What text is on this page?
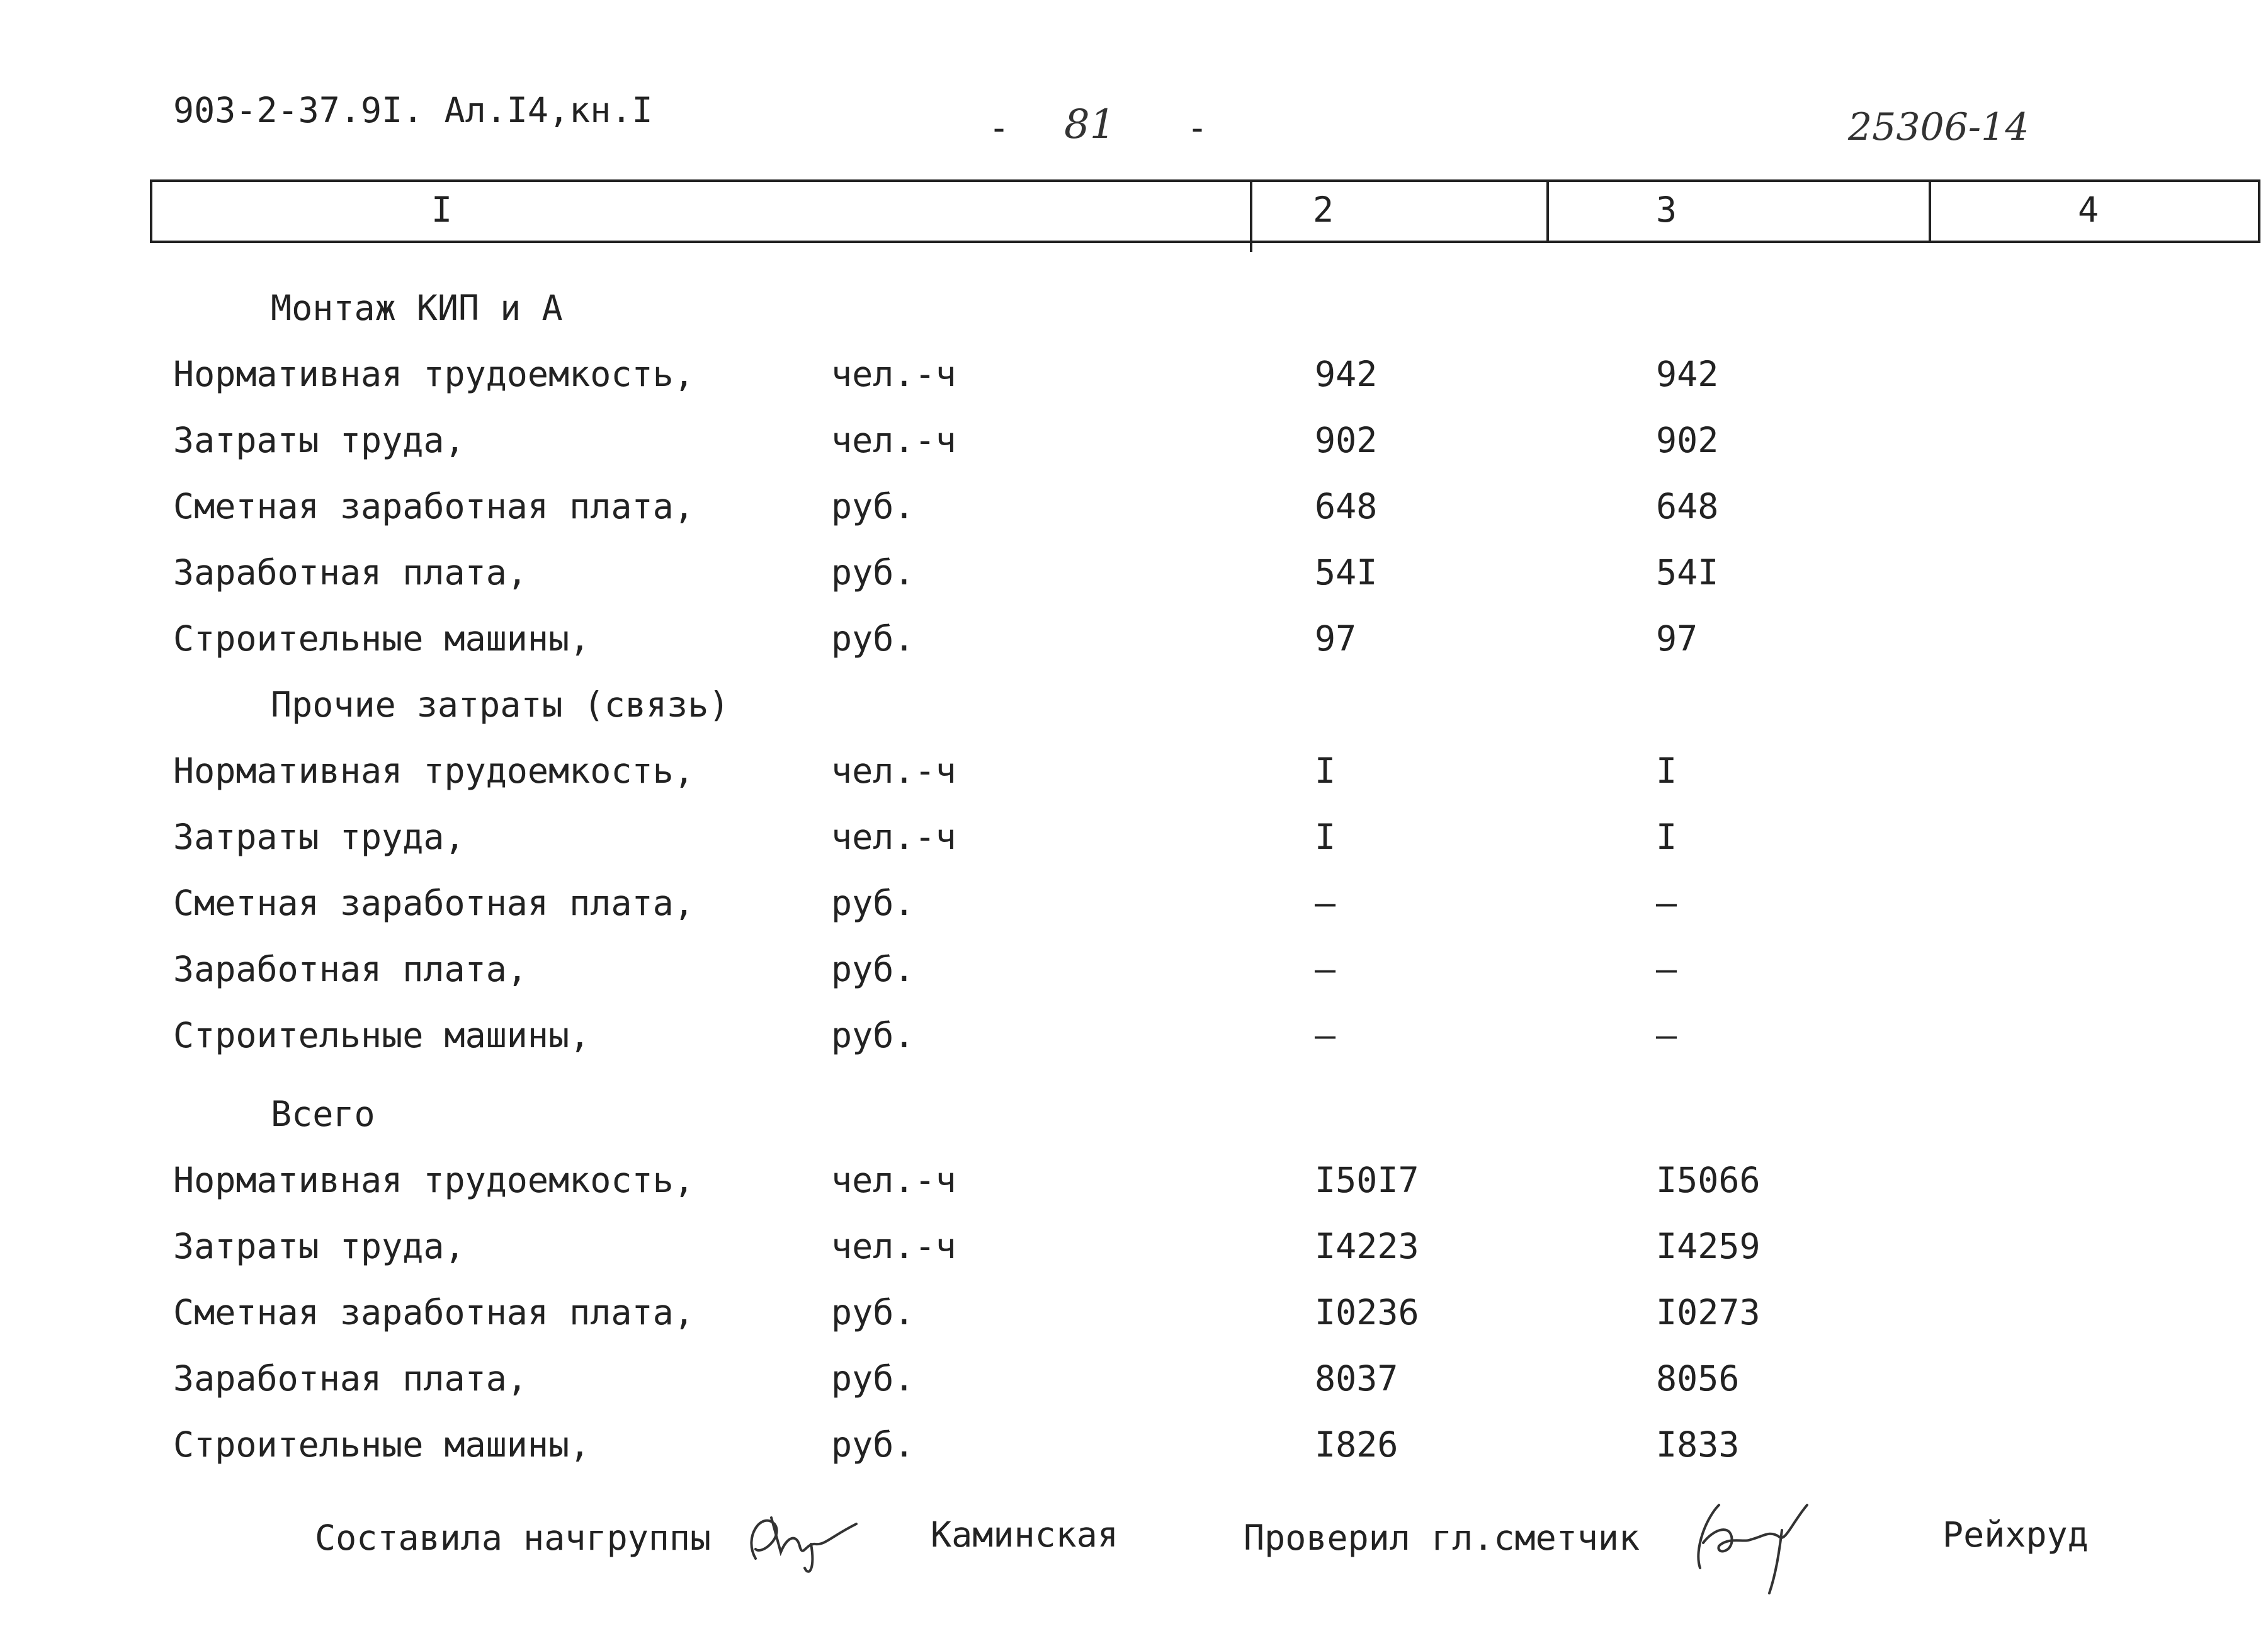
903-2-37.9I. Ал.I4,кн.I	- 81 -	25306-14
I	2	3	4
Монтаж КИП и А
Нормативная трудоемкость,	чел.-ч	942	942
Затраты труда,	чел.-ч	902	902
Сметная заработная плата,	руб.	648	648
Заработная плата,	руб.	54I	54I
Строительные машины,	руб.	97	97
Прочие затраты (связь)
Нормативная трудоемкость,	чел.-ч	I	I
Затраты труда,	чел.-ч	I	I
Сметная заработная плата,	руб.	–	–
Заработная плата,	руб.	–	–
Строительные машины,	руб.	–	–
Всего
Нормативная трудоемкость,	чел.-ч	I50I7	I5066
Затраты труда,	чел.-ч	I4223	I4259
Сметная заработная плата,	руб.	I0236	I0273
Заработная плата,	руб.	8037	8056
Строительные машины,	руб.	I826	I833
Составила начгруппы	Каминская	Проверил гл.сметчик	Рейхруд
